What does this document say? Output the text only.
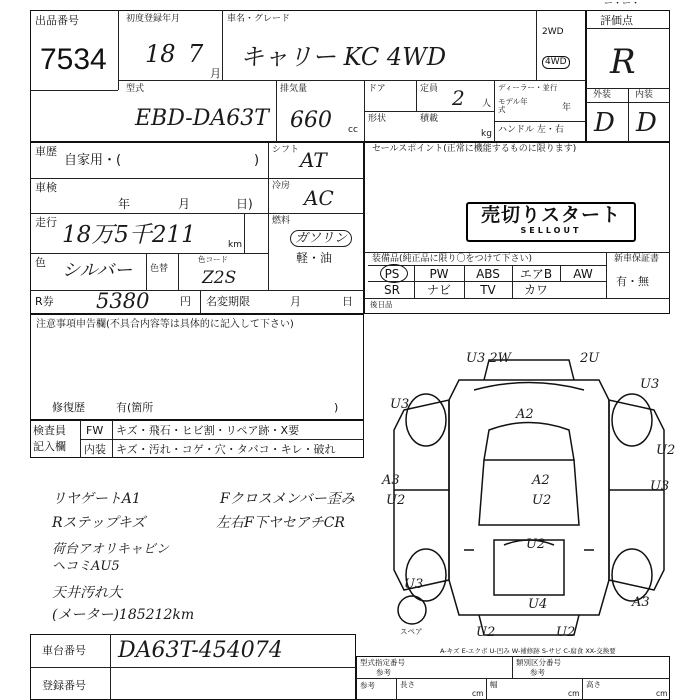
ー・ー・
出品番号
7534
初度登録年月
18 7
月
車名・グレード
キャリー KC 4WD
2WD
4WD
型式
EBD-DA63T
排気量
660 cc
ドア	定員 2 人
ディーラー・並行
モデル年式	年
形状	積載
kg ハンドル 左・右
評価点
R
外装	内装
D D
車歴
自家用・(	)
シフト AT
車検
年	月	日)
冷房 AC
走行 18万5千211	km
燃料
ガソリン
軽・油
色 シルバー 色替
色コード
Z2S
R券 5380	円 名変期限	月	日
セールスポイント(正常に機能するものに限ります)
売切りスタート
SELLOUT
装備品(純正品に限り〇をつけて下さい)	新車保証書
有・無
PS	PW	ABS	エアB	AW
SR	ナビ	TV	カワ
後日品
注意事項申告欄(不具合内容等は具体的に記入して下さい)
修復歴	有(箇所	)
検査員
記入欄
FW キズ・飛石・ヒビ割・リペア跡・X要
内装 キズ・汚れ・コゲ・穴・タバコ・キレ・破れ
リヤゲートA1
Rステップキズ
荷台アオリキャビンヘコミAU5
天井汚れ大
(メーター)185212km
Fクロスメンバー歪み
左右F下ヤセアチCR
U3 2W	2U
U3
U3
A2
U2
A2
U2
A3
U2
U3
U2
U4
U2	U2
A3
U3
スペア
A-キズ E-エクボ U-凹み W-補修跡 S-サビ C-腐食 XX-交換要
車台番号 DA63T-454074
登録番号
型式指定番号
参考
類別区分番号
参考
参考	長さ
cm
幅
cm
高さ
cm
